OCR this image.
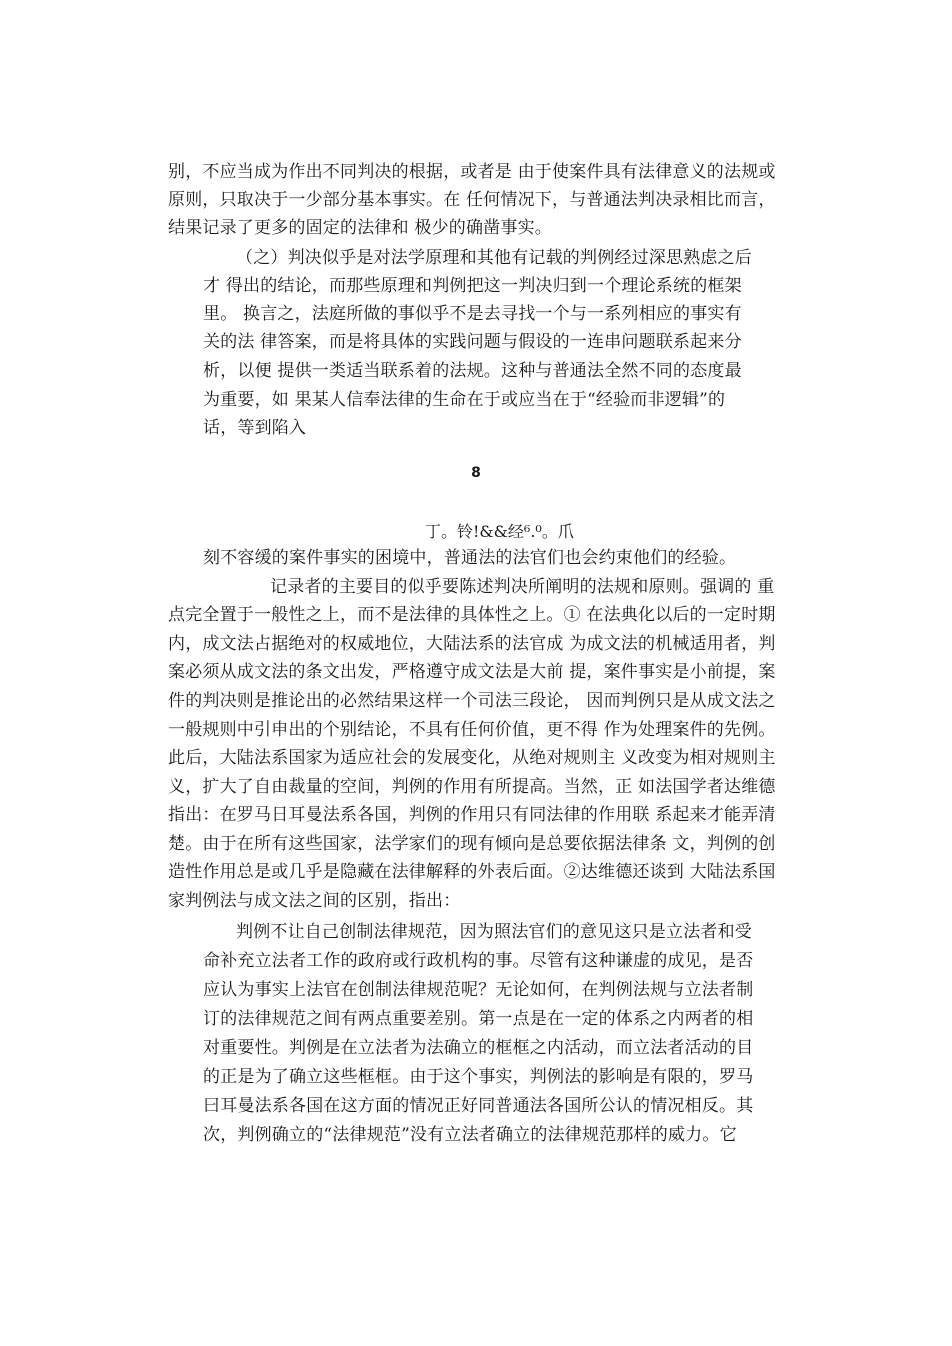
别，不应当成为作出不同判决的根据，或者是 由于使案件具有法律意义的法规或
原则，只取决于一少部分基本事实。在 任何情况下，与普通法判决录相比而言，
结果记录了更多的固定的法律和 极少的确凿事实。
（之）判决似乎是对法学原理和其他有记载的判例经过深思熟虑之后
才 得出的结论，而那些原理和判例把这一判决归到一个理论系统的框架
里。 换言之，法庭所做的事似乎不是去寻找一个与一系列相应的事实有
关的法 律答案，而是将具体的实践问题与假设的一连串问题联系起来分
析，以便 提供一类适当联系着的法规。这种与普通法全然不同的态度最
为重要，如 果某人信奉法律的生命在于或应当在于“经验而非逻辑”的
话，等到陷入
8
丁。铃!&&经⁶.⁰。爪
刻不容缓的案件事实的困境中，普通法的法官们也会约束他们的经验。
记录者的主要目的似乎要陈述判决所阐明的法规和原则。强调的 重
点完全置于一般性之上，而不是法律的具体性之上。① 在法典化以后的一定时期
内，成文法占据绝对的权威地位，大陆法系的法官成 为成文法的机械适用者，判
案必须从成文法的条文出发，严格遵守成文法是大前 提，案件事实是小前提，案
件的判决则是推论出的必然结果这样一个司法三段论， 因而判例只是从成文法之
一般规则中引申出的个别结论，不具有任何价值，更不得 作为处理案件的先例。
此后，大陆法系国家为适应社会的发展变化，从绝对规则主 义改变为相对规则主
义，扩大了自由裁量的空间，判例的作用有所提高。当然，正 如法国学者达维德
指出：在罗马日耳曼法系各国，判例的作用只有同法律的作用联 系起来才能弄清
楚。由于在所有这些国家，法学家们的现有倾向是总要依据法律条 文，判例的创
造性作用总是或几乎是隐藏在法律解释的外表后面。②达维德还谈到 大陆法系国
家判例法与成文法之间的区别，指出：
判例不让自己创制法律规范，因为照法官们的意见这只是立法者和受
命补充立法者工作的政府或行政机构的事。尽管有这种谦虚的成见，是否
应认为事实上法官在创制法律规范呢？无论如何，在判例法规与立法者制
订的法律规范之间有两点重要差别。第一点是在一定的体系之内两者的相
对重要性。判例是在立法者为法确立的框框之内活动，而立法者活动的目
的正是为了确立这些框框。由于这个事实，判例法的影响是有限的，罗马
曰耳曼法系各国在这方面的情况正好同普通法各国所公认的情况相反。其
次，判例确立的“法律规范”没有立法者确立的法律规范那样的威力。它
